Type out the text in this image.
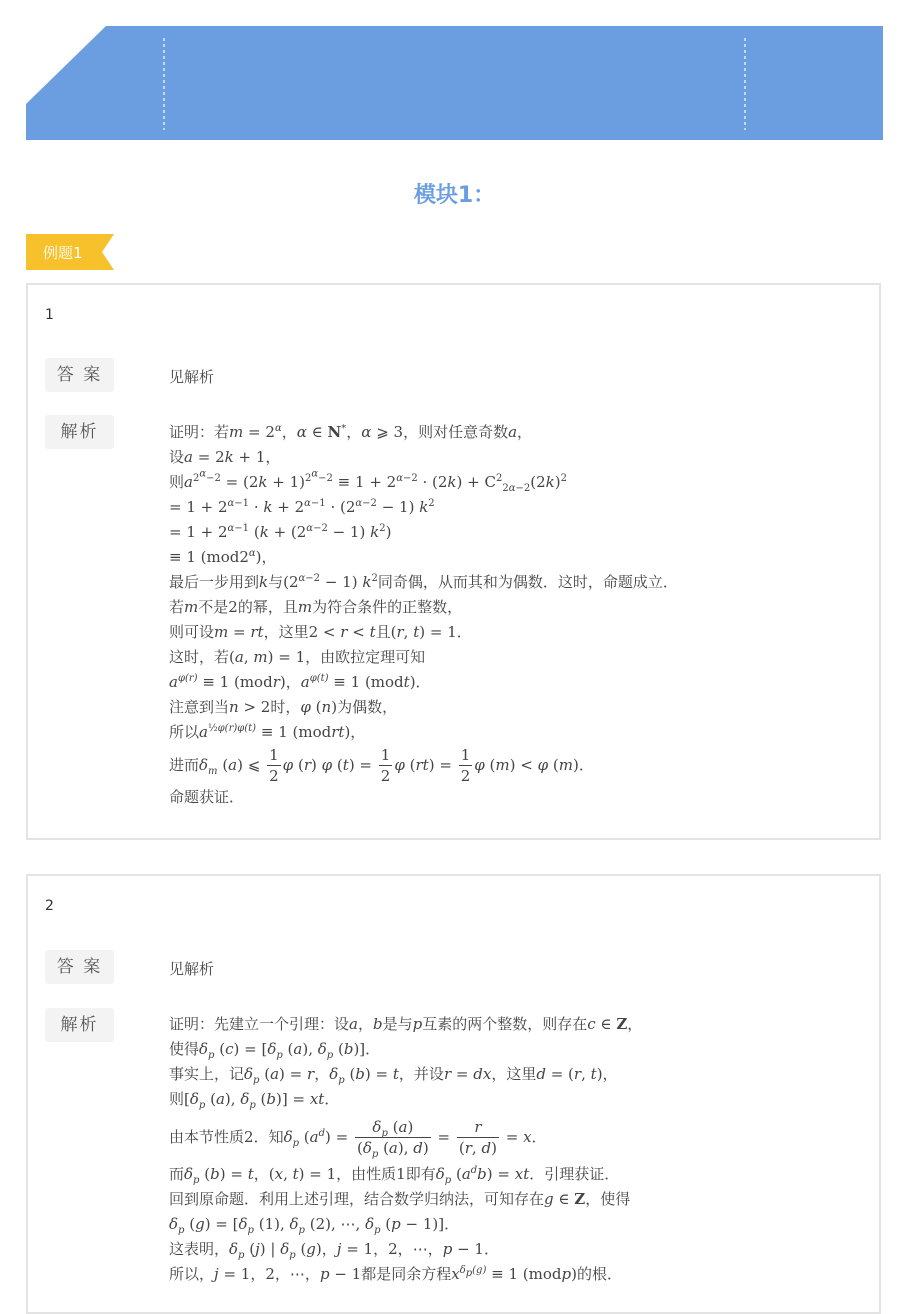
模块1：
例题1
1
答 案	见解析
解析	证明：若$m = 2^\alpha$，α ∈ N*，α ⩾ 3，则对任意奇数a，
设a = 2k + 1，
则$a^{2^\alpha-2} = (2k + 1)^{2^\alpha-2} \equiv 1 + 2^{\alpha-2} \cdot (2k) + C^2_{2\alpha-2}(2k)^2$
= $1 + 2^{\alpha-1} \cdot k + 2^{\alpha-1} \cdot (2^{\alpha-2} - 1)$ $k^2$
= $1 + 2^{\alpha-1}$ ($k + (2^{\alpha-2} - 1)$ $k^2$)
≡ 1 $(mod2^\alpha)$，
最后一步用到k与$(2^{\alpha-2} - 1)$ $k^2$同奇偶，从而其和为偶数．这时，命题成立．
若m不是2的幂，且m为符合条件的正整数，
则可设m = rt，这里2 < r < t且(r, t) = 1．
这时，若(a, m) = 1，由欧拉定理可知
$a^{\varphi(r)} \equiv 1$ (modr)，$a^{\varphi(t)} \equiv 1$ (modt)．
注意到当n > 2时，φ (n)为偶数，
所以$a^{\frac{1}{2}\varphi(r)\varphi(t)} \equiv 1$ (modrt)，
进而$\delta_m$ (a) ⩽ $\frac{1}{2}$ φ (r) φ $(t) = \frac{1}{2}$ φ $(rt) = \frac{1}{2}$ φ (m) < φ (m)．
命题获证．
2
答 案	见解析
解析	证明：先建立一个引理：设a，b是与p互素的两个整数，则存在c ∈ Z，
使得$\delta_p$ $(c) = [\delta_p$ (a), $\delta_p$ (b)]．
事实上，记$\delta_p$ (a) = r，$\delta_p$ (b) = t，并设r = dx，这里d = (r, t)，
则[$\delta_p$ (a), $\delta_p$ (b)] = xt．
由本节性质2．知$\delta_p$ $(a^d) = \frac{\delta_p (a)}{(\delta_p (a), d)} = \frac{r}{(r, d)} = x$．
而$\delta_p$ (b) = t，(x, t) = 1，由性质1即有$\delta_p$ $(a^db)$ = xt．引理获证．
回到原命题．利用上述引理，结合数学归纳法，可知存在g ∈ Z，使得
$\delta_p$ $(g) = [\delta_p$ (1), $\delta_p$ (2), ⋯, $\delta_p$ (p − 1)]．
这表明，$\delta_p$ (j) | $\delta_p$ (g)，j = 1，2，⋯，p − 1．
所以，j = 1，2，⋯，p − 1都是同余方程$x^{\delta_p(g)} \equiv 1$ (modp)的根．
